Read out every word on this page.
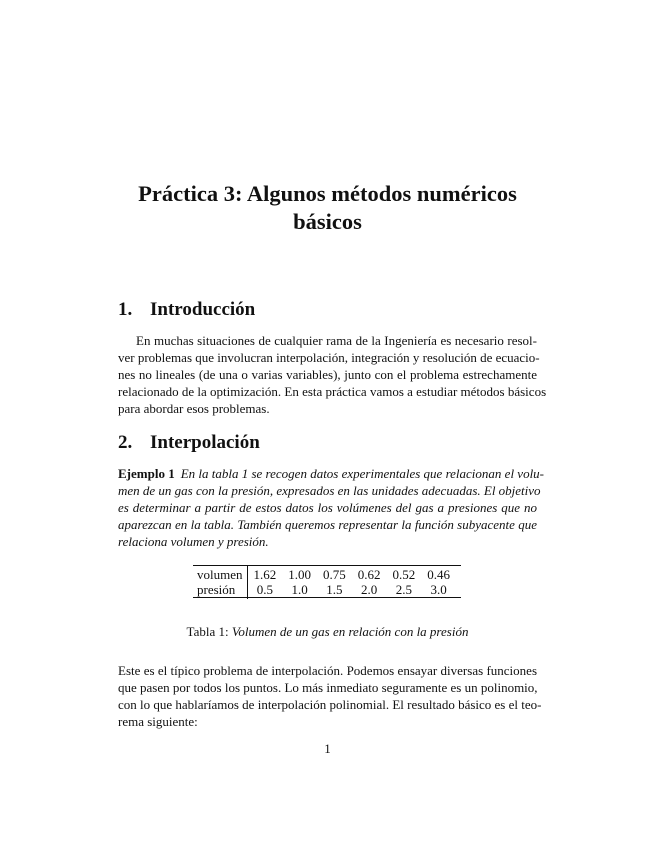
Práctica 3: Algunos métodos numéricos
básicos
1. Introducción
En muchas situaciones de cualquier rama de la Ingeniería es necesario resol-
ver problemas que involucran interpolación, integración y resolución de ecuacio-
nes no lineales (de una o varias variables), junto con el problema estrechamente
relacionado de la optimización. En esta práctica vamos a estudiar métodos básicos
para abordar esos problemas.
2. Interpolación
Ejemplo 1 En la tabla 1 se recogen datos experimentales que relacionan el volu-
men de un gas con la presión, expresados en las unidades adecuadas. El objetivo
es determinar a partir de estos datos los volúmenes del gas a presiones que no
aparezcan en la tabla. También queremos representar la función subyacente que
relaciona volumen y presión.
volumen	1.62	1.00	0.75	0.62	0.52	0.46
presión	0.5	1.0	1.5	2.0	2.5	3.0
Tabla 1: Volumen de un gas en relación con la presión
Este es el típico problema de interpolación. Podemos ensayar diversas funciones
que pasen por todos los puntos. Lo más inmediato seguramente es un polinomio,
con lo que hablaríamos de interpolación polinomial. El resultado básico es el teo-
rema siguiente:
1
